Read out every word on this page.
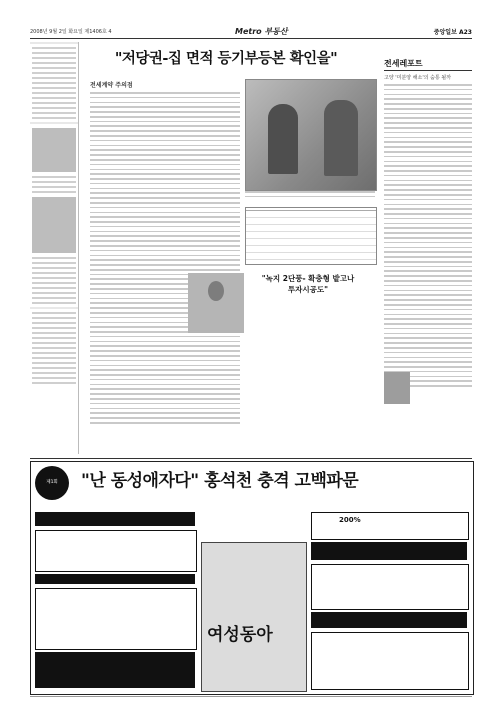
2008년 9월 2일 화요일 제1406호 4	Metro 부동산	중앙일보 A23
"저당권-집 면적 등기부등본 확인을"
전세계약 주의점
"녹지 2단풍- 확충형 밭고나 투자시공도"
전세레포트
고양 '미분양 해소'의 숨통 될까
제1회	"난 동성애자다" 홍석천 충격 고백파문
여성동아
200%
